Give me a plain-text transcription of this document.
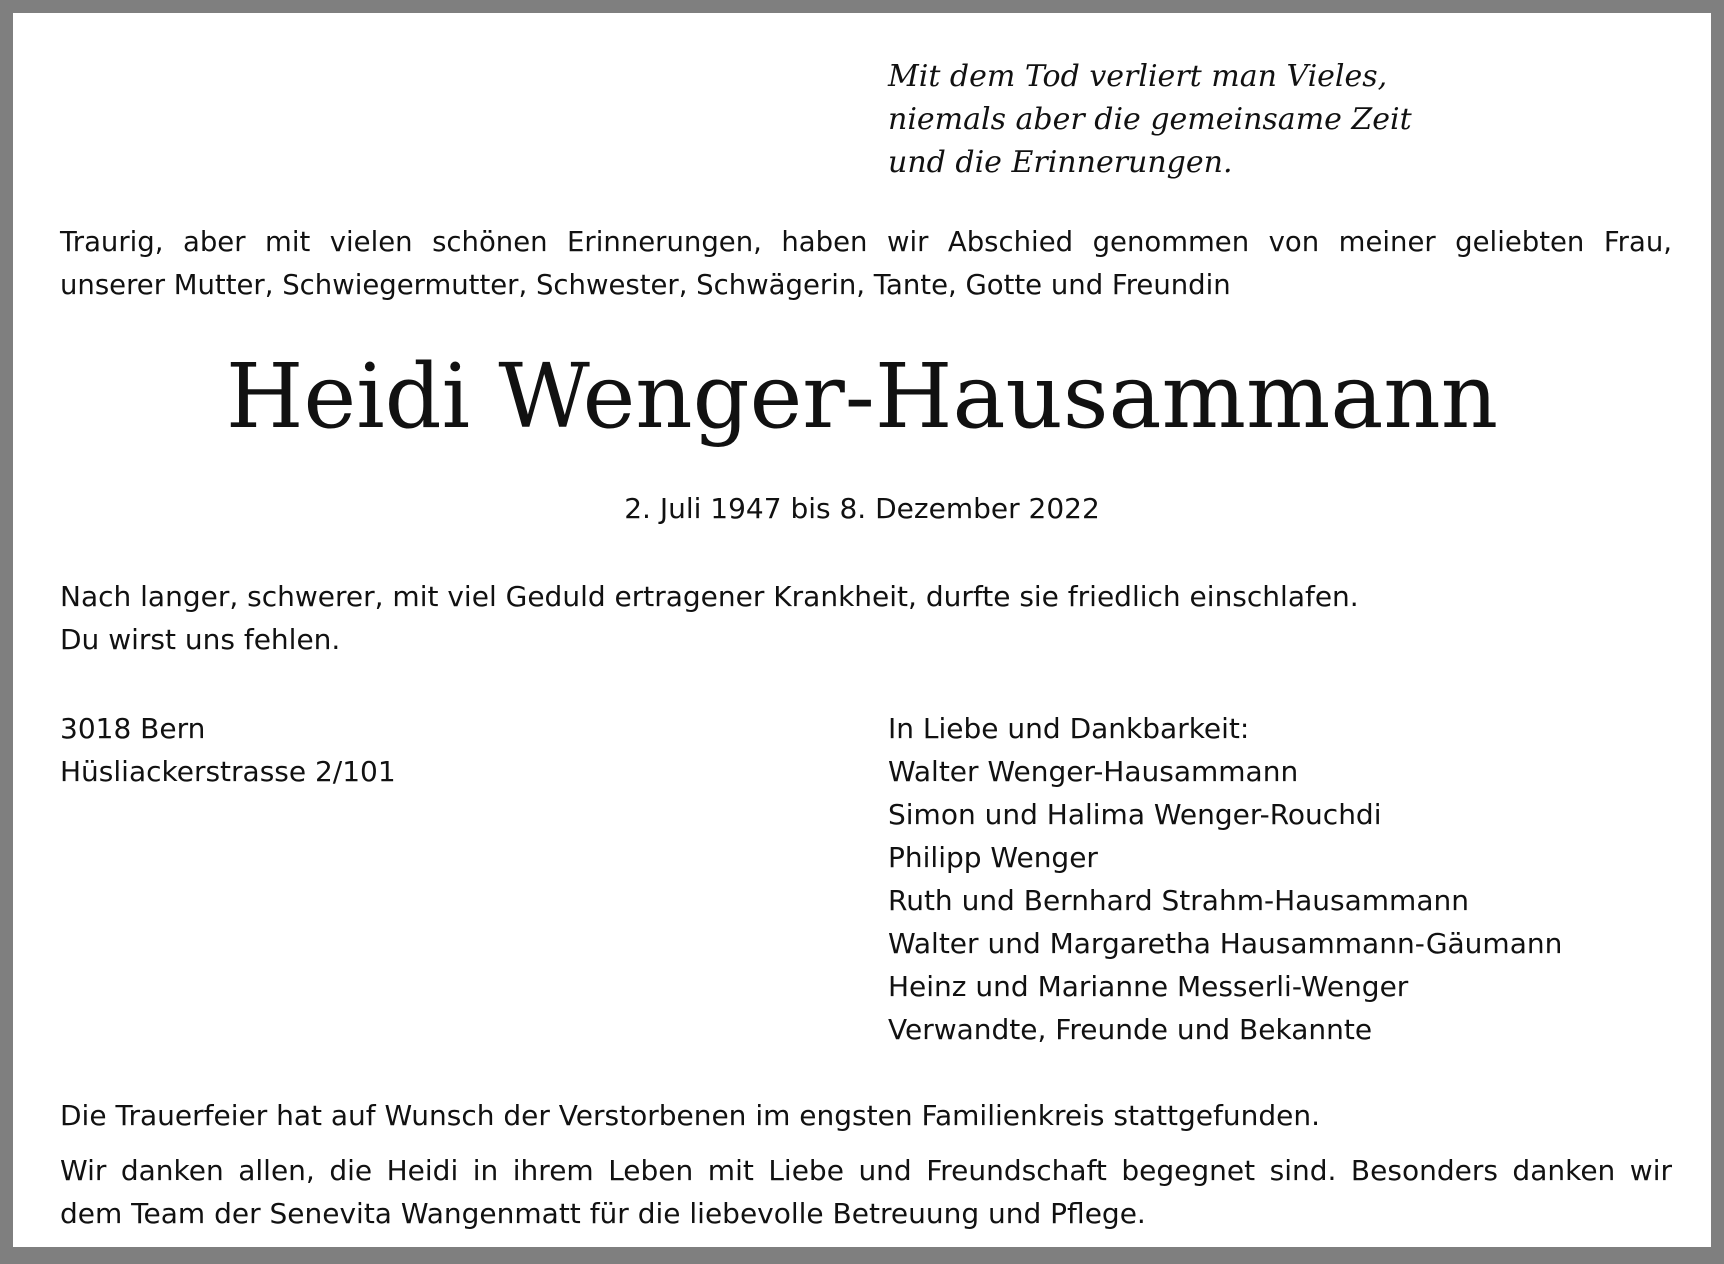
Mit dem Tod verliert man Vieles,
niemals aber die gemeinsame Zeit
und die Erinnerungen.
Traurig, aber mit vielen schönen Erinnerungen, haben wir Abschied genommen von meiner geliebten Frau,
unserer Mutter, Schwiegermutter, Schwester, Schwägerin, Tante, Gotte und Freundin
Heidi Wenger-Hausammann
2. Juli 1947 bis 8. Dezember 2022
Nach langer, schwerer, mit viel Geduld ertragener Krankheit, durfte sie friedlich einschlafen.
Du wirst uns fehlen.
3018 Bern
Hüsliackerstrasse 2/101
In Liebe und Dankbarkeit:
Walter Wenger-Hausammann
Simon und Halima Wenger-Rouchdi
Philipp Wenger
Ruth und Bernhard Strahm-Hausammann
Walter und Margaretha Hausammann-Gäumann
Heinz und Marianne Messerli-Wenger
Verwandte, Freunde und Bekannte
Die Trauerfeier hat auf Wunsch der Verstorbenen im engsten Familienkreis stattgefunden.
Wir danken allen, die Heidi in ihrem Leben mit Liebe und Freundschaft begegnet sind. Besonders danken wir
dem Team der Senevita Wangenmatt für die liebevolle Betreuung und Pflege.
